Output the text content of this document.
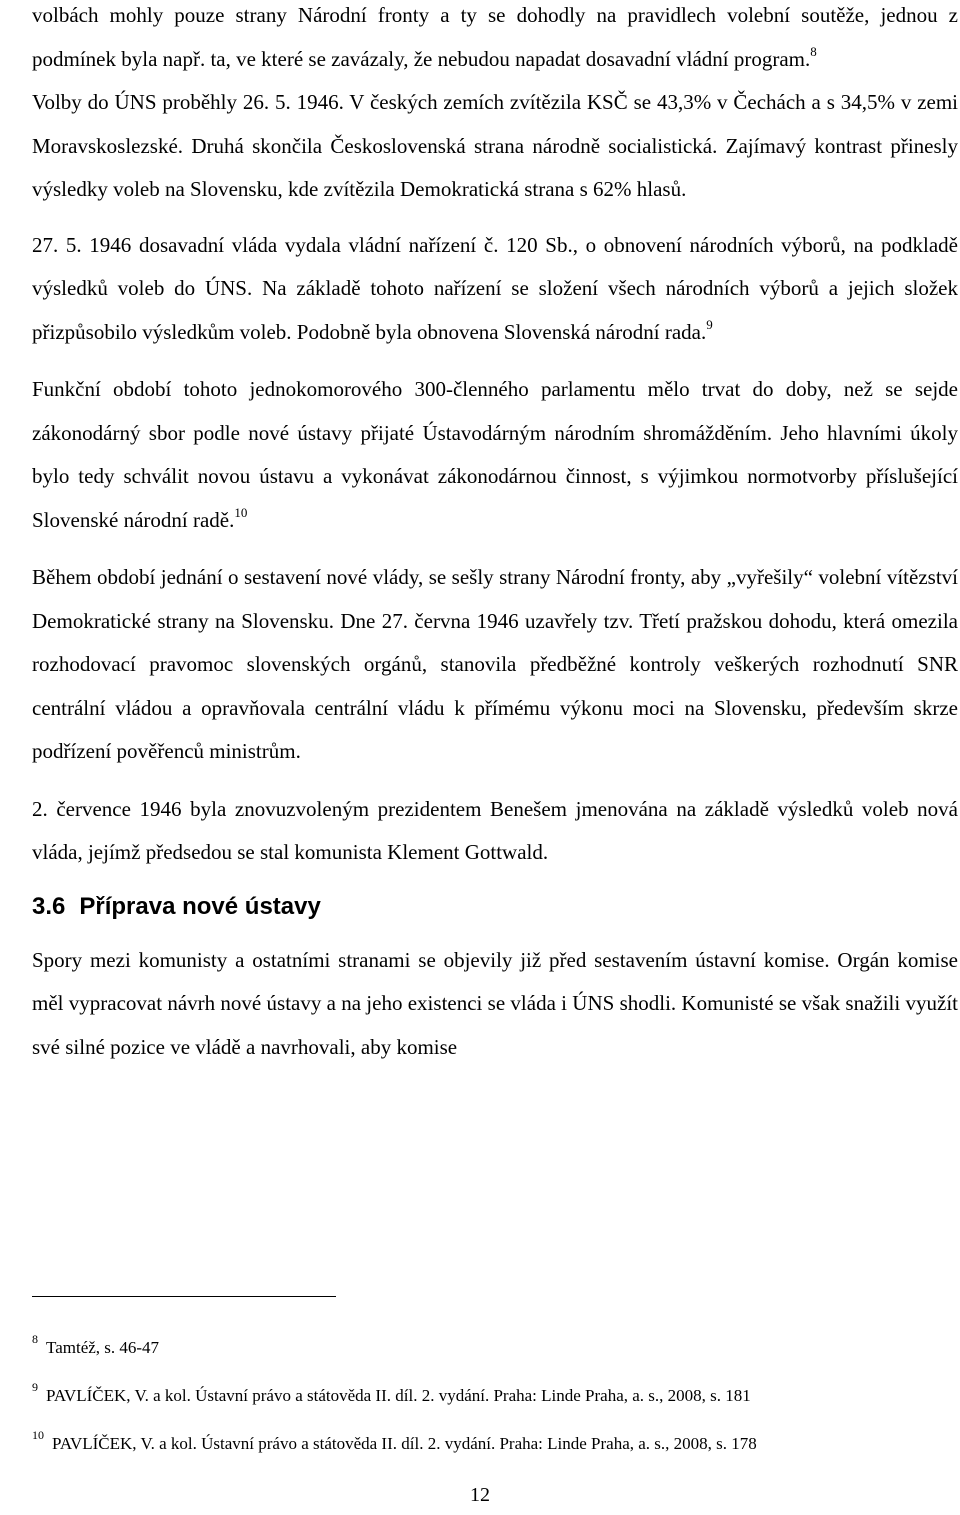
volbách mohly pouze strany Národní fronty a ty se dohodly na pravidlech volební soutěže, jednou z podmínek byla např. ta, ve které se zavázaly, že nebudou napadat dosavadní vládní program.$^8$

Volby do ÚNS proběhly 26. 5. 1946. V českých zemích zvítězila KSČ se 43,3% v Čechách a s 34,5% v zemi Moravskoslezské. Druhá skončila Československá strana národně socialistická. Zajímavý kontrast přinesly výsledky voleb na Slovensku, kde zvítězila Demokratická strana s 62% hlasů.

27. 5. 1946 dosavadní vláda vydala vládní nařízení č. 120 Sb., o obnovení národních výborů, na podkladě výsledků voleb do ÚNS. Na základě tohoto nařízení se složení všech národních výborů a jejich složek přizpůsobilo výsledkům voleb. Podobně byla obnovena Slovenská národní rada.$^9$

Funkční období tohoto jednokomorového 300-členného parlamentu mělo trvat do doby, než se sejde zákonodárný sbor podle nové ústavy přijaté Ústavodárným národním shromážděním. Jeho hlavními úkoly bylo tedy schválit novou ústavu a vykonávat zákonodárnou činnost, s výjimkou normotvorby příslušející Slovenské národní radě.$^{10}$

Během období jednání o sestavení nové vlády, se sešly strany Národní fronty, aby „vyřešily“ volební vítězství Demokratické strany na Slovensku. Dne 27. června 1946 uzavřely tzv. Třetí pražskou dohodu, která omezila rozhodovací pravomoc slovenských orgánů, stanovila předběžné kontroly veškerých rozhodnutí SNR centrální vládou a opravňovala centrální vládu k přímému výkonu moci na Slovensku, především skrze podřízení pověřenců ministrům.

2. července 1946 byla znovuzvoleným prezidentem Benešem jmenována na základě výsledků voleb nová vláda, jejímž předsedou se stal komunista Klement Gottwald.

3.6 Příprava nové ústavy

Spory mezi komunisty a ostatními stranami se objevily již před sestavením ústavní komise. Orgán komise měl vypracovat návrh nové ústavy a na jeho existenci se vláda i ÚNS shodli. Komunisté se však snažili využít své silné pozice ve vládě a navrhovali, aby komise

$^8$ Tamtéž, s. 46-47

$^9$ PAVLÍČEK, V. a kol. Ústavní právo a státověda II. díl. 2. vydání. Praha: Linde Praha, a. s., 2008, s. 181

$^{10}$ PAVLÍČEK, V. a kol. Ústavní právo a státověda II. díl. 2. vydání. Praha: Linde Praha, a. s., 2008, s. 178

12
